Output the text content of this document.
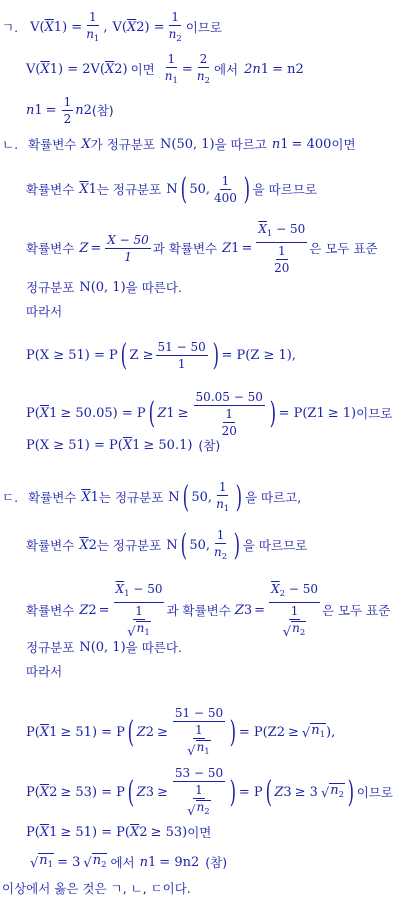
ㄱ. V( $\overline{X}$ 1 ) = $\frac{1}{n_1}$ , V( $\overline{X}$ 2 ) = $\frac{1}{n_2}$ 이므로
V( $\overline{X}$ 1 ) = 2V( $\overline{X}$ 2 ) 이면 $\frac{1}{n_1} = \frac{2}{n_2}$ 에서 2n 1 = n 2
n $1 = \frac{1}{2}$ n 2 (참)
ㄴ. 확률변수 X 가 정규분포 N(50, 1) 을 따르고 n 1 = 400 이면
확률변수 $\overline{X}$ 1 는 정규분포 N ( 50, $\frac{1}{400}$ ) 을 따르므로
확률변수 $Z = \frac{X - 50}{1}$ 과 확률변수 Z $1 = \frac{\overline{X}_1 - 50}{\frac{1}{20}}$ 은 모두 표준
정규분포 N(0, 1) 을 따른다.
따라서
P(X ≥ 51) = P ( $Z \ge \frac{51 - 50}{1}$ ) = P(Z ≥ 1),
P( $\overline{X}$ 1 ≥ 50.05) = P ( Z $1 \ge \frac{50.05 - 50}{\frac{1}{20}}$ ) = P(Z 1 ≥ 1) 이므로
P(X ≥ 51) = P( $\overline{X}$ 1 ≥ 50.1) (참)
ㄷ. 확률변수 $\overline{X}$ 1 는 정규분포 N ( 50, $\frac{1}{n_1}$ ) 을 따르고,
확률변수 $\overline{X}$ 2 는 정규분포 N ( 50, $\frac{1}{n_2}$ ) 을 따르므로
확률변수 Z $2 = \frac{\overline{X}_1 - 50}{\frac{1}{√ n_1}}$ 과 확률변수 Z $3 = \frac{\overline{X}_2 - 50}{\frac{1}{√ n_2}}$ 은 모두 표준
정규분포 N(0, 1) 을 따른다.
따라서
P( $\overline{X}$ 1 ≥ 51) = P ( Z $2 \ge \frac{51 - 50}{\frac{1}{√ n_1}}$ ) = P(Z 2 ≥ √ $n_1$ ),
P( $\overline{X}$ 2 ≥ 53) = P ( Z $3 \ge \frac{53 - 50}{\frac{1}{√ n_2}}$ ) = P ( Z 3 ≥ 3 √ $n_2$ ) 이므로
P( $\overline{X}$ 1 ≥ 51) = P( $\overline{X}$ 2 ≥ 53) 이면
√ $n_1 = 3$ √ $n_2$ 에서 n 1 = 9n 2 (참)
이상에서 옳은 것은 ㄱ, ㄴ, ㄷ이다.
